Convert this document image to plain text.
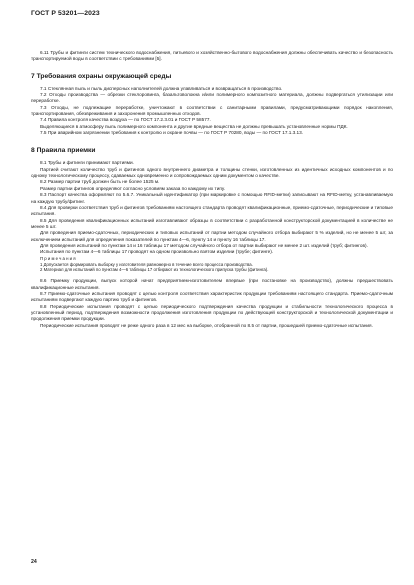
ГОСТ Р 53201—2023

6.11 Трубы и фитинги систем технического водоснабжения, питьевого и хозяйственно-бытового водоснабжения должны обеспечивать качество и безопасность транспортируемой воды в соответствии с требованиями [5].

7 Требования охраны окружающей среды

7.1 Стеклянная пыль и пыль дисперсных наполнителей должна улавливаться и возвращаться в производство.

7.2 Отходы производства — обрезки стеклоровинга, базальтоволокна и/или полимерного композитного материала, должны подвергаться утилизации или переработке.

7.3 Отходы, не подлежащие переработке, уничтожают в соответствии с санитарными правилами, предусматривающими порядок накопления, транспортирования, обезвреживания и захоронения промышленных отходов.

7.4 Правила контроля качества воздуха — по ГОСТ 17.2.3.01 и ГОСТ Р 58577.

Выделяющиеся в атмосферу пыль полимерного компонента и другие вредные вещества не должны превышать установленные нормы ПДК.

7.5 При аварийном загрязнении требования к контролю и охране почвы — по ГОСТ Р 70280, воды — по ГОСТ 17.1.3.13.

8 Правила приемки

8.1 Трубы и фитинги принимают партиями.

Партией считают количество труб и фитингов одного внутреннего диаметра и толщины стенки, изготовленных из идентичных исходных компонентов и по одному технологическому процессу, сдаваемых одновременно и сопровождаемых одним документом о качестве.

8.2 Размер партии труб должен быть не более 1525 м.

Размер партии фитингов определяют согласно условиям заказа по каждому их типу.

8.3 Паспорт качества оформляют по 5.6.7. Уникальный идентификатор (при маркировке с помощью RFID-метки) записывают на RFID-метку, устанавливаемую на каждую трубу/фитинг.

8.4 Для проверки соответствия труб и фитингов требованиям настоящего стандарта проводят квалификационные, приемо-сдаточные, периодические и типовые испытания.

8.5 Для проведения квалификационных испытаний изготавливают образцы в соответствии с разработанной конструкторской документацией в количестве не менее 5 шт.

Для проведения приемо-сдаточных, периодических и типовых испытаний от партии методом случайного отбора выбирают 5 % изделий, но не менее 5 шт, за исключением испытаний для определения показателей по пунктам 4—6, пункту 14 и пункту 16 таблицы 17.

Для проведения испытаний по пунктам 14 и 16 таблицы 17 методом случайного отбора от партии выбирают не менее 2 шт. изделий (труб; фитингов).

Испытания по пунктам 4—6 таблицы 17 проводят на одном произвольно взятом изделии (трубе; фитинге).

Примечания

1 Допускается формировать выборку у изготовителя равномерно в течение всего процесса производства.

2 Материал для испытаний по пунктам 4—6 таблицы 17 отбирают из технологического припуска трубы (фитинга).

8.6 Приемку продукции, выпуск которой начат предприятием-изготовителем впервые (при постановке на производство), должны предшествовать квалификационные испытания.

8.7 Приемо-сдаточные испытания проводят с целью контроля соответствия характеристик продукции требованиям настоящего стандарта. Приемо-сдаточным испытаниям подвергают каждую партию труб и фитингов.

8.8 Периодические испытания проводят с целью периодического подтверждения качества продукции и стабильности технологического процесса в установленный период, подтверждения возможности продолжения изготовления продукции по действующей конструкторской и технологической документации и продолжения приемки продукции.

Периодические испытания проводят не реже одного раза в 12 мес на выборке, отобранной по 8.5 от партии, прошедшей приемо-сдаточные испытания.

24
